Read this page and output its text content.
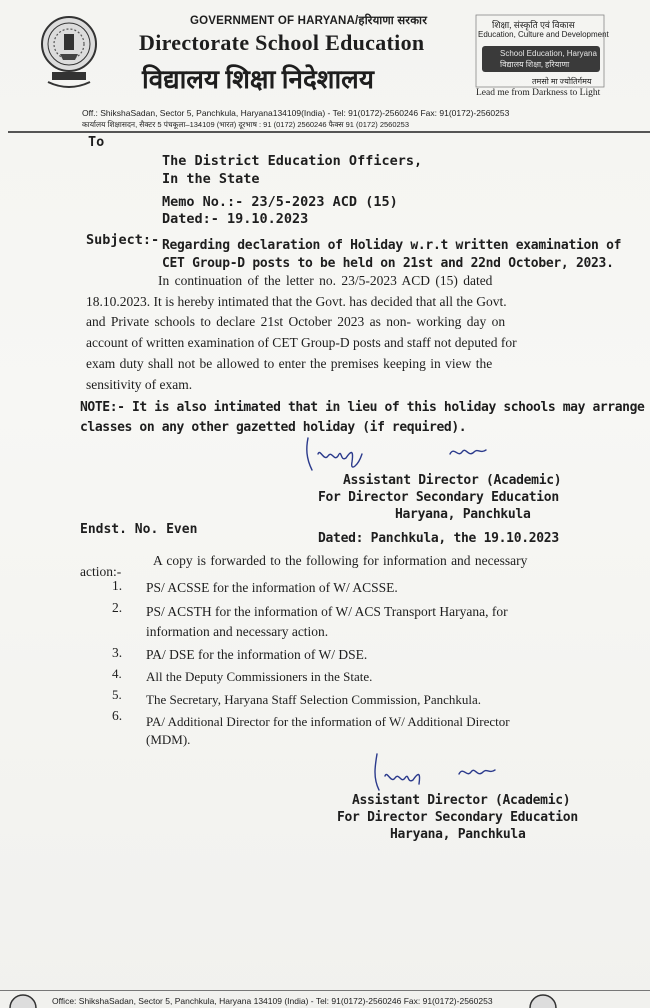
GOVERNMENT OF HARYANA/हरियाणा सरकार
Directorate School Education
विद्यालय शिक्षा निदेशालय
शिक्षा, संस्कृति एवं विकास
Education, Culture and Development
School Education, Haryana
विद्यालय शिक्षा, हरियाणा
तमसो मा ज्योतिर्गमय
Lead me from Darkness to Light
Off.: ShikshaSadan, Sector 5, Panchkula, Haryana134109(India) - Tel: 91(0172)-2560246 Fax: 91(0172)-2560253
कार्यालय शिक्षासदन, सैक्टर 5 पंचकूला–134109 (भारत) दूरभाष : 91 (0172) 2560246 फैक्स 91 (0172) 2560253
To
The District Education Officers,
In the State
Memo No.:- 23/5-2023 ACD (15)
Dated:- 19.10.2023
Subject:- Regarding declaration of Holiday w.r.t written examination of
CET Group-D posts to be held on 21st and 22nd October, 2023.
In continuation of the letter no. 23/5-2023 ACD (15) dated
18.10.2023. It is hereby intimated that the Govt. has decided that all the Govt.
and Private schools to declare 21st October 2023 as non- working day on
account of written examination of CET Group-D posts and staff not deputed for
exam duty shall not be allowed to enter the premises keeping in view the
sensitivity of exam.
NOTE:- It is also intimated that in lieu of this holiday schools may arrange
classes on any other gazetted holiday (if required).
Assistant Director (Academic)
For Director Secondary Education
Haryana, Panchkula
Endst. No. Even
Dated: Panchkula, the 19.10.2023
A copy is forwarded to the following for information and necessary
action:-
1. PS/ ACSSE for the information of W/ ACSSE.
2. PS/ ACSTH for the information of W/ ACS Transport Haryana, for
information and necessary action.
3. PA/ DSE for the information of W/ DSE.
4. All the Deputy Commissioners in the State.
5. The Secretary, Haryana Staff Selection Commission, Panchkula.
6. PA/ Additional Director for the information of W/ Additional Director
(MDM).
Assistant Director (Academic)
For Director Secondary Education
Haryana, Panchkula
Office: ShikshaSadan, Sector 5, Panchkula, Haryana 134109 (India) - Tel: 91(0172)-2560246 Fax: 91(0172)-2560253
